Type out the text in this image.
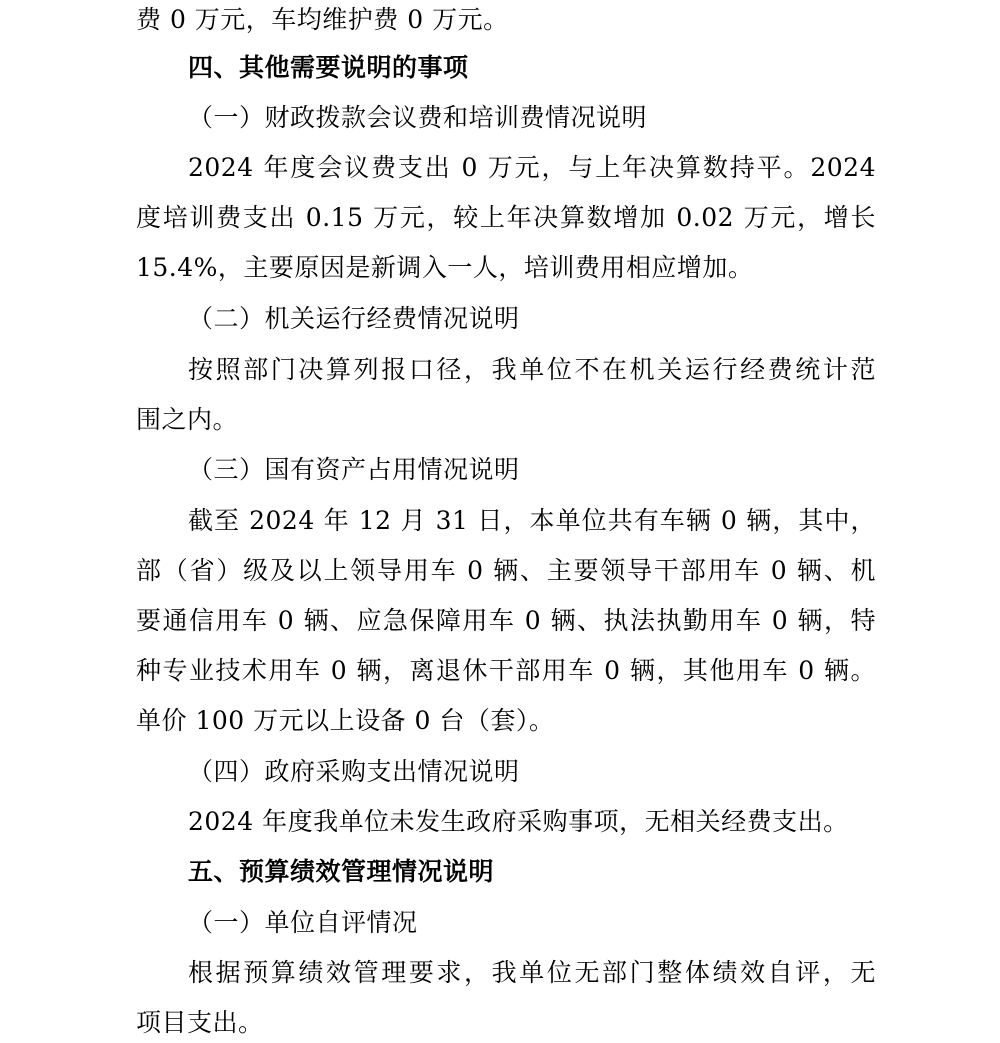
费 0 万元，车均维护费 0 万元。
四、其他需要说明的事项
（一）财政拨款会议费和培训费情况说明
2024 年度会议费支出 0 万元，与上年决算数持平。2024
度培训费支出 0.15 万元，较上年决算数增加 0.02 万元，增长
15.4%，主要原因是新调入一人，培训费用相应增加。
（二）机关运行经费情况说明
按照部门决算列报口径，我单位不在机关运行经费统计范
围之内。
（三）国有资产占用情况说明
截至 2024 年 12 月 31 日，本单位共有车辆 0 辆，其中，
部（省）级及以上领导用车 0 辆、主要领导干部用车 0 辆、机
要通信用车 0 辆、应急保障用车 0 辆、执法执勤用车 0 辆，特
种专业技术用车 0 辆，离退休干部用车 0 辆，其他用车 0 辆。
单价 100 万元以上设备 0 台（套）。
（四）政府采购支出情况说明
2024 年度我单位未发生政府采购事项，无相关经费支出。
五、预算绩效管理情况说明
（一）单位自评情况
根据预算绩效管理要求，我单位无部门整体绩效自评，无
项目支出。
